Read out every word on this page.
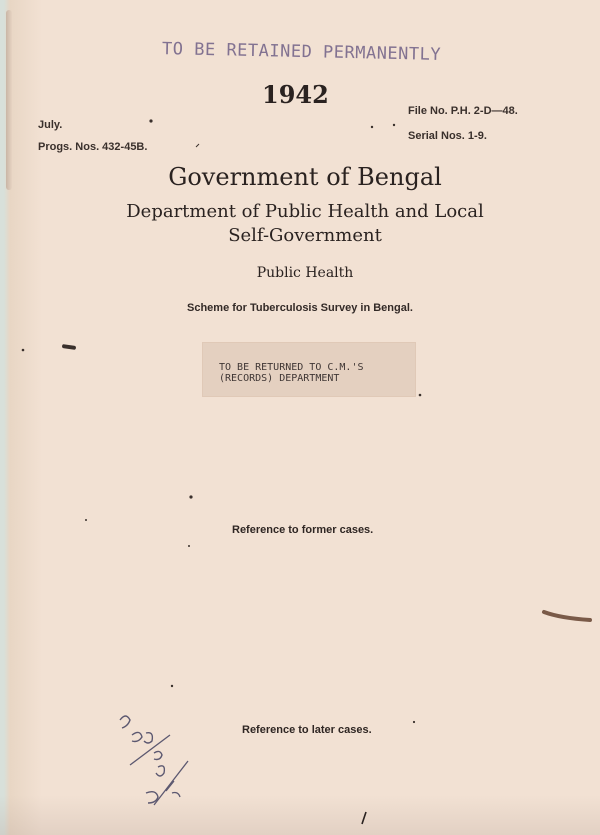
TO BE RETAINED PERMANENTLY
1942
July.
Progs. Nos. 432-45B.
File No. P.H. 2-D—48.
Serial Nos. 1-9.
Government of Bengal
Department of Public Health and Local
Self-Government
Public Health
Scheme for Tuberculosis Survey in Bengal.
TO BE RETURNED TO C.M.'S
(RECORDS) DEPARTMENT
Reference to former cases.
Reference to later cases.
